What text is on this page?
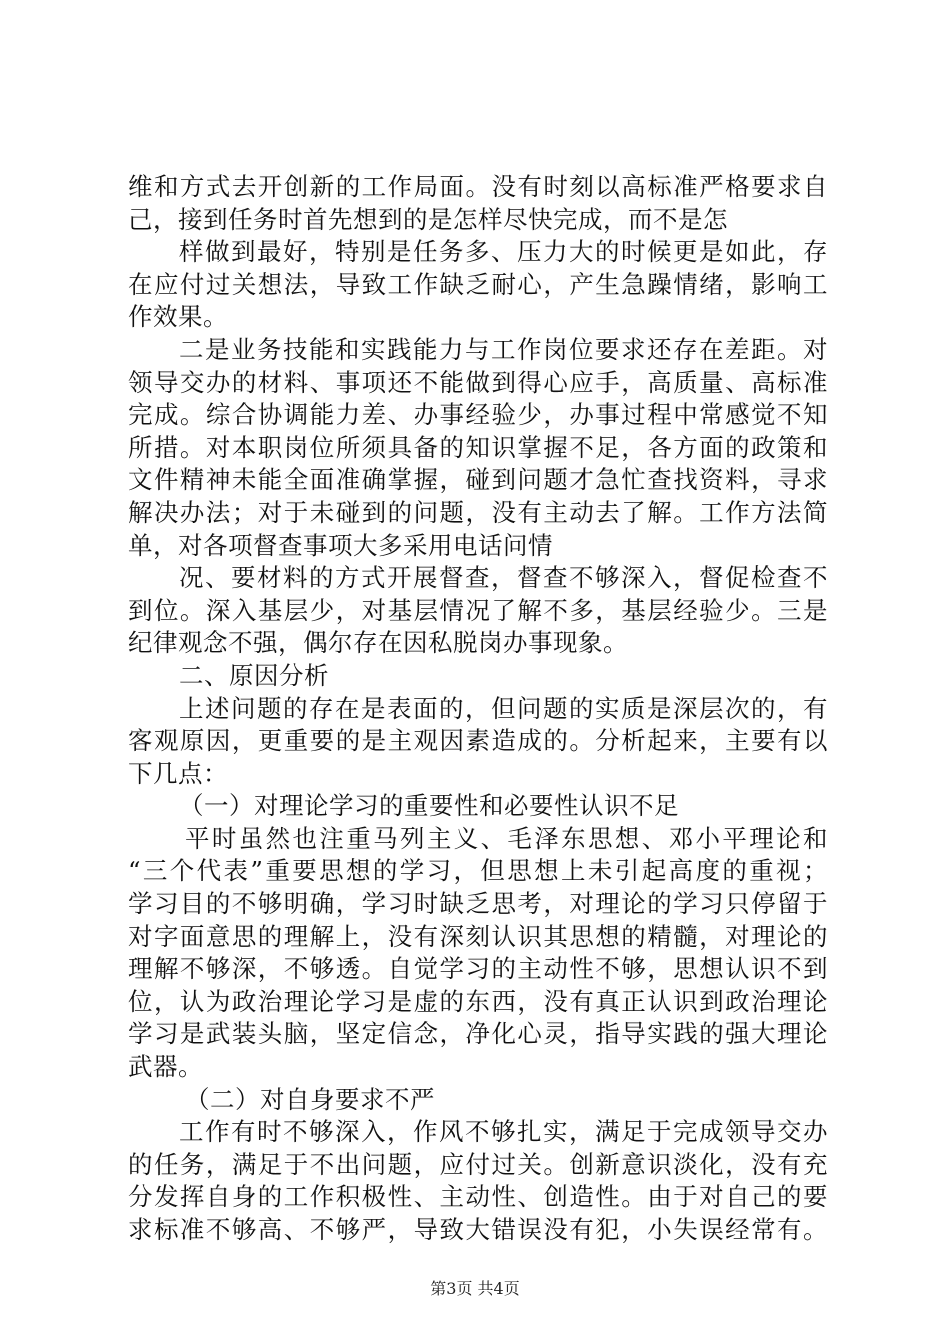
维和方式去开创新的工作局面。没有时刻以高标准严格要求自
己，接到任务时首先想到的是怎样尽快完成，而不是怎
样做到最好，特别是任务多、压力大的时候更是如此，存
在应付过关想法，导致工作缺乏耐心，产生急躁情绪，影响工
作效果。
二是业务技能和实践能力与工作岗位要求还存在差距。对
领导交办的材料、事项还不能做到得心应手，高质量、高标准
完成。综合协调能力差、办事经验少，办事过程中常感觉不知
所措。对本职岗位所须具备的知识掌握不足，各方面的政策和
文件精神未能全面准确掌握，碰到问题才急忙查找资料，寻求
解决办法；对于未碰到的问题，没有主动去了解。工作方法简
单，对各项督查事项大多采用电话问情
况、要材料的方式开展督查，督查不够深入，督促检查不
到位。深入基层少，对基层情况了解不多，基层经验少。三是
纪律观念不强，偶尔存在因私脱岗办事现象。
二、原因分析
上述问题的存在是表面的，但问题的实质是深层次的，有
客观原因，更重要的是主观因素造成的。分析起来，主要有以
下几点：
（一）对理论学习的重要性和必要性认识不足
平时虽然也注重马列主义、毛泽东思想、邓小平理论和
“三个代表”重要思想的学习，但思想上未引起高度的重视；
学习目的不够明确，学习时缺乏思考，对理论的学习只停留于
对字面意思的理解上，没有深刻认识其思想的精髓，对理论的
理解不够深，不够透。自觉学习的主动性不够，思想认识不到
位，认为政治理论学习是虚的东西，没有真正认识到政治理论
学习是武装头脑，坚定信念，净化心灵，指导实践的强大理论
武器。
（二）对自身要求不严
工作有时不够深入，作风不够扎实，满足于完成领导交办
的任务，满足于不出问题，应付过关。创新意识淡化，没有充
分发挥自身的工作积极性、主动性、创造性。由于对自己的要
求标准不够高、不够严，导致大错误没有犯，小失误经常有。
第3页 共4页
